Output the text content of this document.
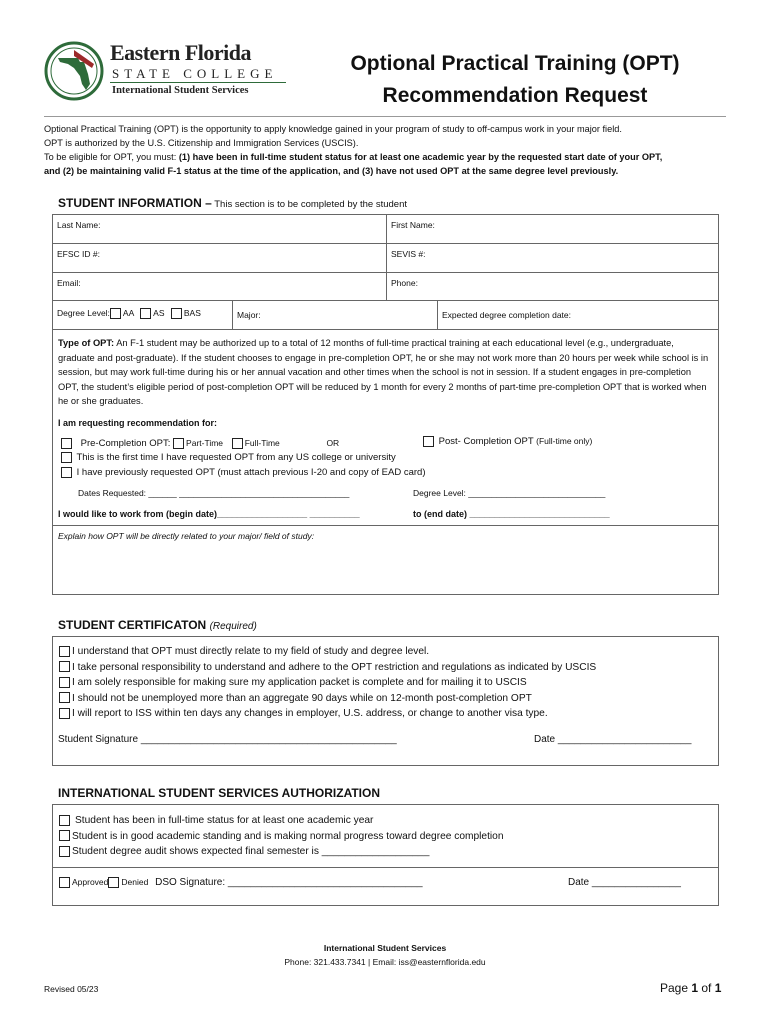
Eastern Florida
STATE COLLEGE
International Student Services
Optional Practical Training (OPT)
Recommendation Request
Optional Practical Training (OPT) is the opportunity to apply knowledge gained in your program of study to off-campus work in your major field.
OPT is authorized by the U.S. Citizenship and Immigration Services (USCIS).
To be eligible for OPT, you must: (1) have been in full-time student status for at least one academic year by the requested start date of your OPT,
and (2) be maintaining valid F-1 status at the time of the application, and (3) have not used OPT at the same degree level previously.
STUDENT INFORMATION – This section is to be completed by the student
Last Name:	First Name:
EFSC ID #:	SEVIS #:
Email:	Phone:
Degree Level: AA AS BAS	Major:	Expected degree completion date:
Type of OPT: An F-1 student may be authorized up to a total of 12 months of full-time practical training at each educational level (e.g., undergraduate, graduate and post-graduate). If the student chooses to engage in pre-completion OPT, he or she may not work more than 20 hours per week while school is in session, but may work full-time during his or her annual vacation and other times when the school is not in session. If a student engages in pre-completion OPT, the student’s eligible period of post-completion OPT will be reduced by 1 month for every 2 months of part-time pre-completion OPT that is worked when he or she graduates.
I am requesting recommendation for:
Pre-Completion OPT: Part-Time	Full-Time	OR	Post- Completion OPT (Full-time only)
This is the first time I have requested OPT from any US college or university
I have previously requested OPT (must attach previous I-20 and copy of EAD card)
Dates Requested: ______ ____________________________________	Degree Level: _____________________________
I would like to work from (begin date)__________________ __________	to (end date) ____________________________
Explain how OPT will be directly related to your major/ field of study:
STUDENT CERTIFICATON (Required)
I understand that OPT must directly relate to my field of study and degree level.
I take personal responsibility to understand and adhere to the OPT restriction and regulations as indicated by USCIS
I am solely responsible for making sure my application packet is complete and for mailing it to USCIS
I should not be unemployed more than an aggregate 90 days while on 12-month post-completion OPT
I will report to ISS within ten days any changes in employer, U.S. address, or change to another visa type.
Student Signature ______________________________________________	Date ________________________
INTERNATIONAL STUDENT SERVICES AUTHORIZATION
Student has been in full-time status for at least one academic year
Student is in good academic standing and is making normal progress toward degree completion
Student degree audit shows expected final semester is ___________________
Approved Denied DSO Signature: ___________________________________	Date ________________
International Student Services
Phone: 321.433.7341 | Email: iss@easternflorida.edu
Revised 05/23	Page 1 of 1
